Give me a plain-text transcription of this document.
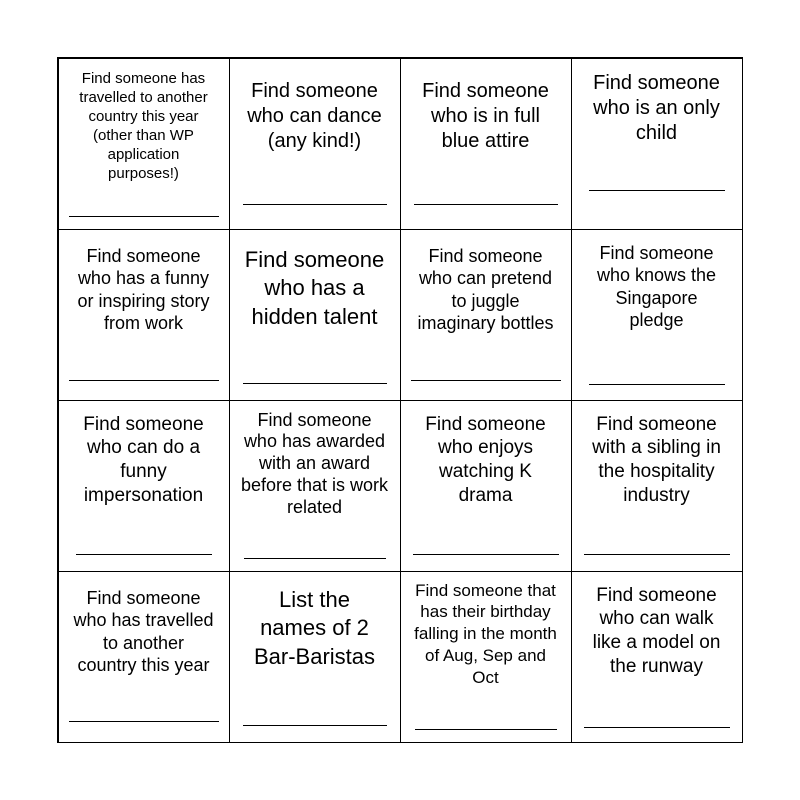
Find someone has
travelled to another
country this year
(other than WP
application
purposes!)
Find someone
who can dance
(any kind!)
Find someone
who is in full
blue attire
Find someone
who is an only
child
Find someone
who has a funny
or inspiring story
from work
Find someone
who has a
hidden talent
Find someone
who can pretend
to juggle
imaginary bottles
Find someone
who knows the
Singapore
pledge
Find someone
who can do a
funny
impersonation
Find someone
who has awarded
with an award
before that is work
related
Find someone
who enjoys
watching K
drama
Find someone
with a sibling in
the hospitality
industry
Find someone
who has travelled
to another
country this year
List the
names of 2
Bar-Baristas
Find someone that
has their birthday
falling in the month
of Aug, Sep and
Oct
Find someone
who can walk
like a model on
the runway
